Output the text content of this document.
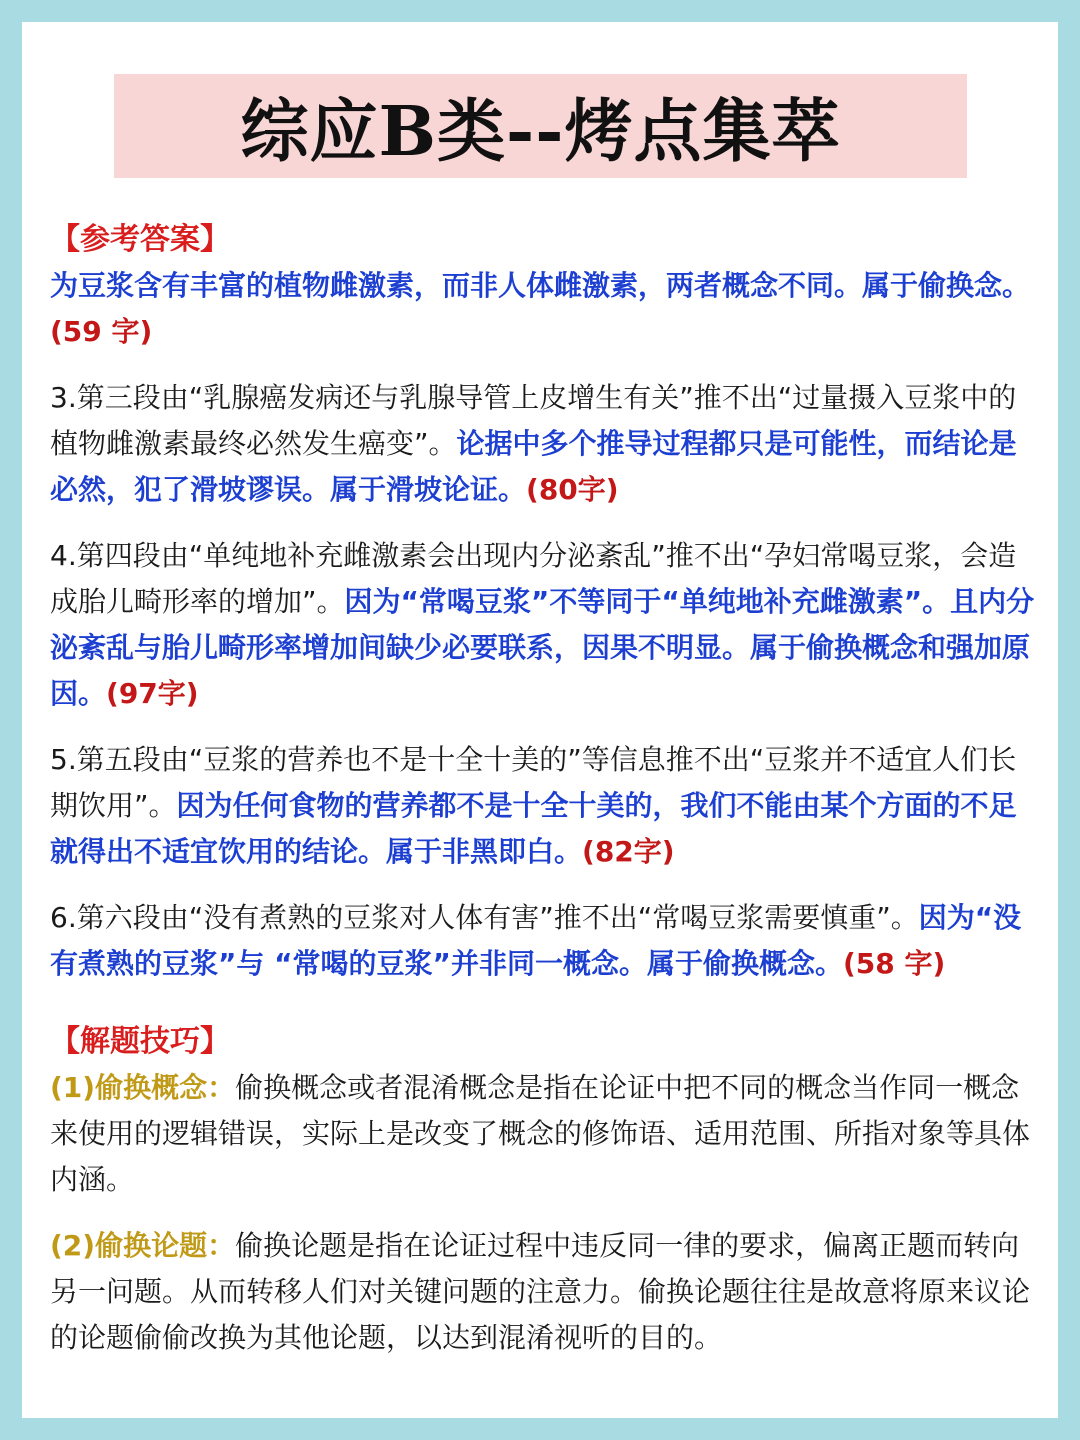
综应B类--烤点集萃
【参考答案】

为豆浆含有丰富的植物雌激素，而非人体雌激素，两者概念不同。属于偷换念。(59 字)

3.第三段由“乳腺癌发病还与乳腺导管上皮增生有关”推不出“过量摄入豆浆中的植物雌激素最终必然发生癌变”。论据中多个推导过程都只是可能性，而结论是必然，犯了滑坡谬误。属于滑坡论证。(80字)

4.第四段由“单纯地补充雌激素会出现内分泌紊乱”推不出“孕妇常喝豆浆，会造成胎儿畸形率的增加”。因为“常喝豆浆”不等同于“单纯地补充雌激素”。且内分泌紊乱与胎儿畸形率增加间缺少必要联系，因果不明显。属于偷换概念和强加原因。(97字)

5.第五段由“豆浆的营养也不是十全十美的”等信息推不出“豆浆并不适宜人们长期饮用”。因为任何食物的营养都不是十全十美的，我们不能由某个方面的不足就得出不适宜饮用的结论。属于非黑即白。(82字)

6.第六段由“没有煮熟的豆浆对人体有害”推不出“常喝豆浆需要慎重”。因为“没有煮熟的豆浆”与 “常喝的豆浆”并非同一概念。属于偷换概念。(58 字)

【解题技巧】

(1)偷换概念：偷换概念或者混淆概念是指在论证中把不同的概念当作同一概念来使用的逻辑错误，实际上是改变了概念的修饰语、适用范围、所指对象等具体内涵。

(2)偷换论题：偷换论题是指在论证过程中违反同一律的要求，偏离正题而转向另一问题。从而转移人们对关键问题的注意力。偷换论题往往是故意将原来议论的论题偷偷改换为其他论题，以达到混淆视听的目的。
